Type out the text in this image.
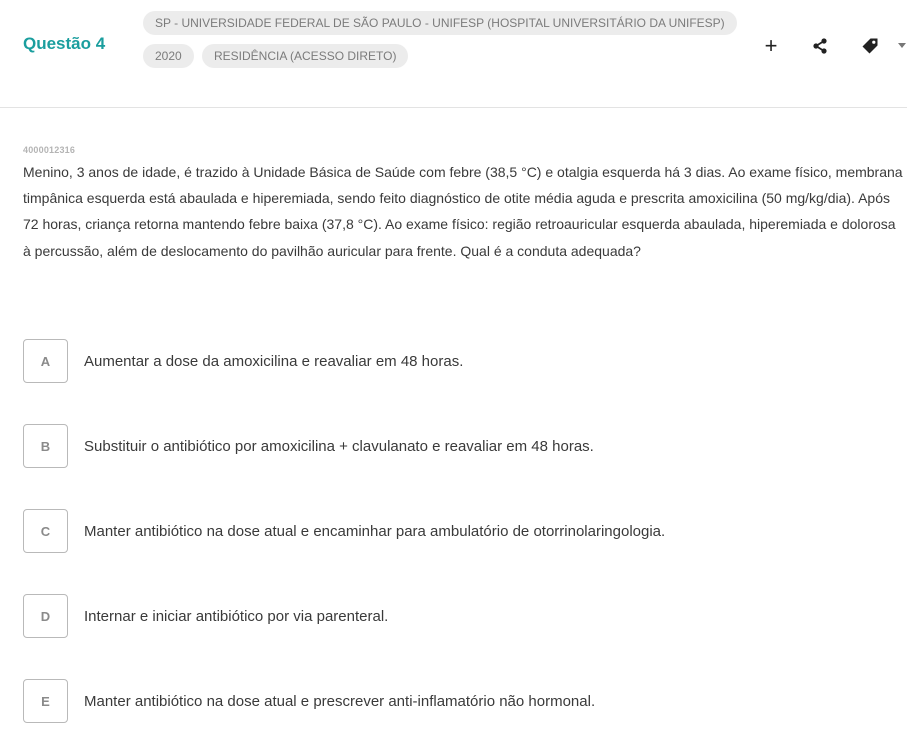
Questão 4
SP - UNIVERSIDADE FEDERAL DE SÃO PAULO - UNIFESP (HOSPITAL UNIVERSITÁRIO DA UNIFESP)
2020	RESIDÊNCIA (ACESSO DIRETO)	+
4000012316
Menino, 3 anos de idade, é trazido à Unidade Básica de Saúde com febre (38,5 °C) e otalgia esquerda há 3 dias. Ao exame físico, membrana timpânica esquerda está abaulada e hiperemiada, sendo feito diagnóstico de otite média aguda e prescrita amoxicilina (50 mg/kg/dia). Após 72 horas, criança retorna mantendo febre baixa (37,8 °C). Ao exame físico: região retroauricular esquerda abaulada, hiperemiada e dolorosa à percussão, além de deslocamento do pavilhão auricular para frente. Qual é a conduta adequada?
A	Aumentar a dose da amoxicilina e reavaliar em 48 horas.
B	Substituir o antibiótico por amoxicilina + clavulanato e reavaliar em 48 horas.
C	Manter antibiótico na dose atual e encaminhar para ambulatório de otorrinolaringologia.
D	Internar e iniciar antibiótico por via parenteral.
E	Manter antibiótico na dose atual e prescrever anti-inflamatório não hormonal.
